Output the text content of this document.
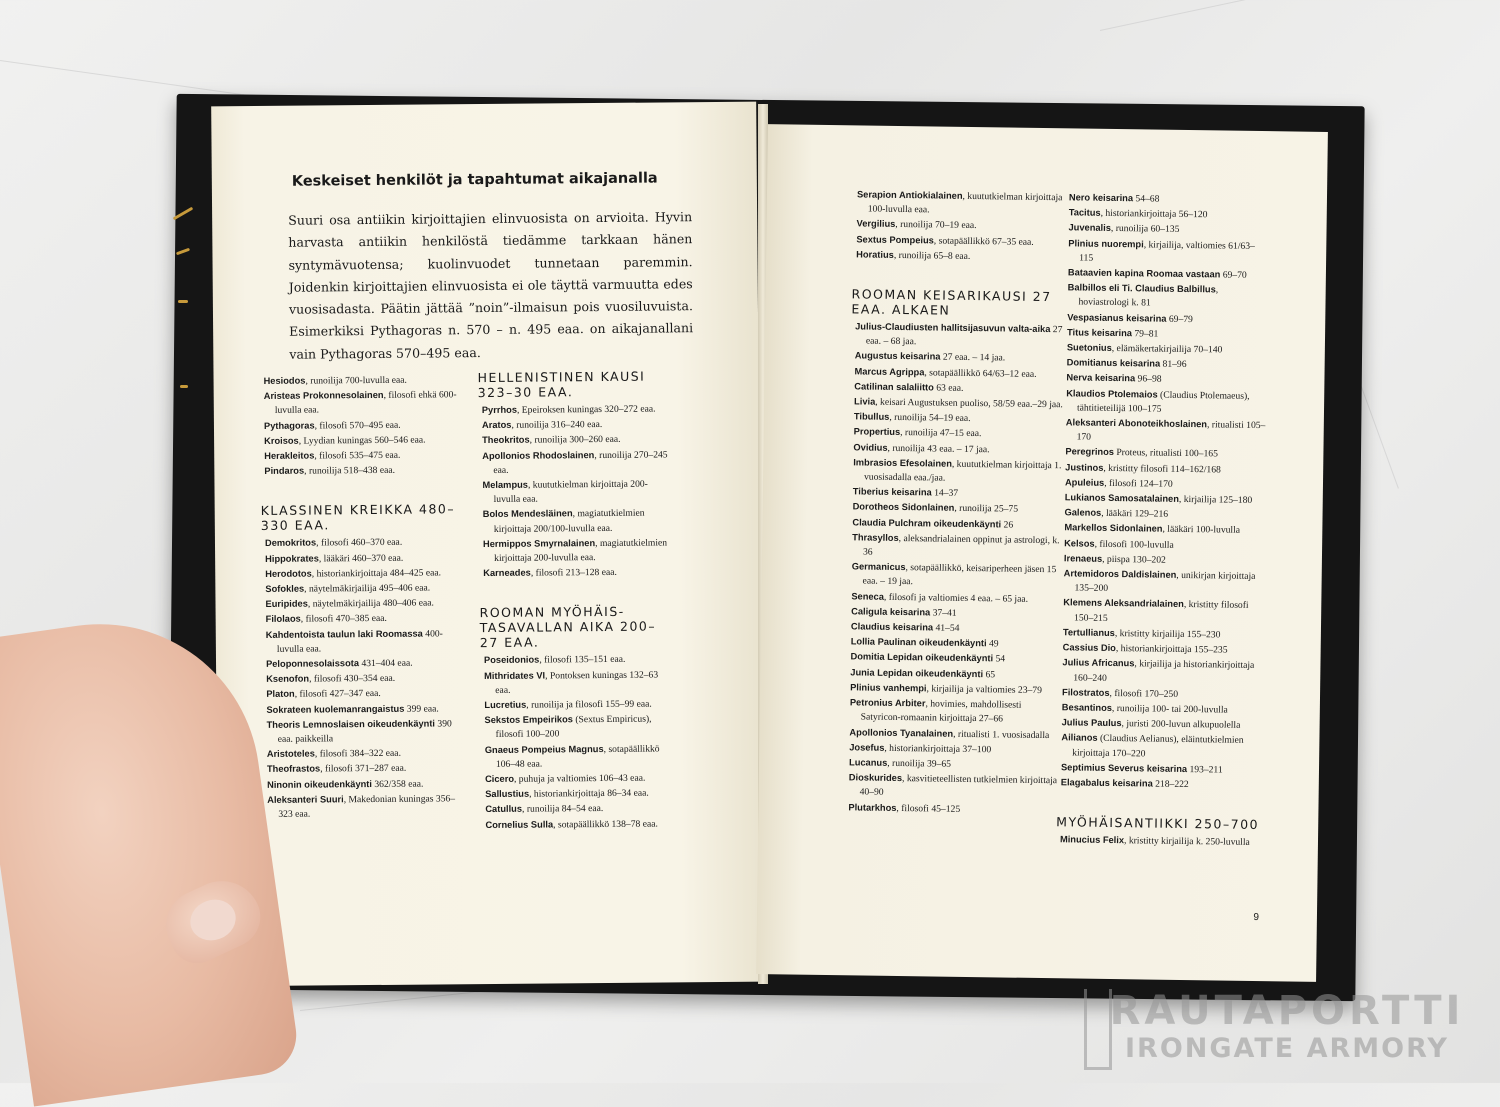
Keskeiset henkilöt ja tapahtumat aikajanalla
Suuri osa antiikin kirjoittajien elinvuosista on arvioita. Hyvin harvasta antiikin henkilöstä tiedämme tarkkaan hänen syntymävuotensa; kuolinvuodet tunnetaan paremmin. Joidenkin kirjoittajien elinvuosista ei ole täyttä varmuutta edes vuosisadasta. Päätin jättää ”noin”-ilmaisun pois vuosiluvuista. Esimerkiksi Pythagoras n. 570 – n. 495 eaa. on aikajanallani vain Pythagoras 570–495 eaa.
Hesiodos, runoilija 700-luvulla eaa.
Aristeas Prokonnesolainen, filosofi ehkä 600-luvulla eaa.
Pythagoras, filosofi 570–495 eaa.
Kroisos, Lyydian kuningas 560–546 eaa.
Herakleitos, filosofi 535–475 eaa.
Pindaros, runoilija 518–438 eaa.
KLASSINEN KREIKKA 480–330 EAA.
Demokritos, filosofi 460–370 eaa.
Hippokrates, lääkäri 460–370 eaa.
Herodotos, historiankirjoittaja 484–425 eaa.
Sofokles, näytelmäkirjailija 495–406 eaa.
Euripides, näytelmäkirjailija 480–406 eaa.
Filolaos, filosofi 470–385 eaa.
Kahdentoista taulun laki Roomassa 400-luvulla eaa.
Peloponnesolaissota 431–404 eaa.
Ksenofon, filosofi 430–354 eaa.
Platon, filosofi 427–347 eaa.
Sokrateen kuolemanrangaistus 399 eaa.
Theoris Lemnoslaisen oikeudenkäynti 390 eaa. paikkeilla
Aristoteles, filosofi 384–322 eaa.
Theofrastos, filosofi 371–287 eaa.
Ninonin oikeudenkäynti 362/358 eaa.
Aleksanteri Suuri, Makedonian kuningas 356–323 eaa.
HELLENISTINEN KAUSI 323–30 EAA.
Pyrrhos, Epeiroksen kuningas 320–272 eaa.
Aratos, runoilija 316–240 eaa.
Theokritos, runoilija 300–260 eaa.
Apollonios Rhodoslainen, runoilija 270–245 eaa.
Melampus, kuututkielman kirjoittaja 200-luvulla eaa.
Bolos Mendesläinen, magiatutkielmien kirjoittaja 200/100-luvulla eaa.
Hermippos Smyrnalainen, magiatutkielmien kirjoittaja 200-luvulla eaa.
Karneades, filosofi 213–128 eaa.
ROOMAN MYÖHÄIS-TASAVALLAN AIKA 200–27 EAA.
Poseidonios, filosofi 135–151 eaa.
Mithridates VI, Pontoksen kuningas 132–63 eaa.
Lucretius, runoilija ja filosofi 155–99 eaa.
Sekstos Empeirikos (Sextus Empiricus), filosofi 100–200
Gnaeus Pompeius Magnus, sotapäällikkö 106–48 eaa.
Cicero, puhuja ja valtiomies 106–43 eaa.
Sallustius, historiankirjoittaja 86–34 eaa.
Catullus, runoilija 84–54 eaa.
Cornelius Sulla, sotapäällikkö 138–78 eaa.
Serapion Antiokialainen, kuututkielman kirjoittaja 100-luvulla eaa.
Vergilius, runoilija 70–19 eaa.
Sextus Pompeius, sotapäällikkö 67–35 eaa.
Horatius, runoilija 65–8 eaa.
ROOMAN KEISARIKAUSI 27 EAA. ALKAEN
Julius-Claudiusten hallitsijasuvun valta-aika 27 eaa. – 68 jaa.
Augustus keisarina 27 eaa. – 14 jaa.
Marcus Agrippa, sotapäällikkö 64/63–12 eaa.
Catilinan salaliitto 63 eaa.
Livia, keisari Augustuksen puoliso, 58/59 eaa.–29 jaa.
Tibullus, runoilija 54–19 eaa.
Propertius, runoilija 47–15 eaa.
Ovidius, runoilija 43 eaa. – 17 jaa.
Imbrasios Efesolainen, kuututkielman kirjoittaja 1. vuosisadalla eaa./jaa.
Tiberius keisarina 14–37
Dorotheos Sidonlainen, runoilija 25–75
Claudia Pulchram oikeudenkäynti 26
Thrasyllos, aleksandrialainen oppinut ja astrologi, k. 36
Germanicus, sotapäällikkö, keisariperheen jäsen 15 eaa. – 19 jaa.
Seneca, filosofi ja valtiomies 4 eaa. – 65 jaa.
Caligula keisarina 37–41
Claudius keisarina 41–54
Lollia Paulinan oikeudenkäynti 49
Domitia Lepidan oikeudenkäynti 54
Junia Lepidan oikeudenkäynti 65
Plinius vanhempi, kirjailija ja valtiomies 23–79
Petronius Arbiter, hovimies, mahdollisesti Satyricon-romaanin kirjoittaja 27–66
Apollonios Tyanalainen, ritualisti 1. vuosisadalla
Josefus, historiankirjoittaja 37–100
Lucanus, runoilija 39–65
Dioskurides, kasvitieteellisten tutkielmien kirjoittaja 40–90
Plutarkhos, filosofi 45–125
Nero keisarina 54–68
Tacitus, historiankirjoittaja 56–120
Juvenalis, runoilija 60–135
Plinius nuorempi, kirjailija, valtiomies 61/63–115
Bataavien kapina Roomaa vastaan 69–70
Balbillos eli Ti. Claudius Balbillus, hoviastrologi k. 81
Vespasianus keisarina 69–79
Titus keisarina 79–81
Suetonius, elämäkertakirjailija 70–140
Domitianus keisarina 81–96
Nerva keisarina 96–98
Klaudios Ptolemaios (Claudius Ptolemaeus), tähtitieteilijä 100–175
Aleksanteri Abonoteikhoslainen, ritualisti 105–170
Peregrinos Proteus, ritualisti 100–165
Justinos, kristitty filosofi 114–162/168
Apuleius, filosofi 124–170
Lukianos Samosatalainen, kirjailija 125–180
Galenos, lääkäri 129–216
Markellos Sidonlainen, lääkäri 100-luvulla
Kelsos, filosofi 100-luvulla
Irenaeus, piispa 130–202
Artemidoros Daldislainen, unikirjan kirjoittaja 135–200
Klemens Aleksandrialainen, kristitty filosofi 150–215
Tertullianus, kristitty kirjailija 155–230
Cassius Dio, historiankirjoittaja 155–235
Julius Africanus, kirjailija ja historiankirjoittaja 160–240
Filostratos, filosofi 170–250
Besantinos, runoilija 100- tai 200-luvulla
Julius Paulus, juristi 200-luvun alkupuolella
Ailianos (Claudius Aelianus), eläintutkielmien kirjoittaja 170–220
Septimius Severus keisarina 193–211
Elagabalus keisarina 218–222
MYÖHÄISANTIIKKI 250–700
Minucius Felix, kristitty kirjailija k. 250-luvulla
9
RAUTAPORTTI
IRONGATE ARMORY
